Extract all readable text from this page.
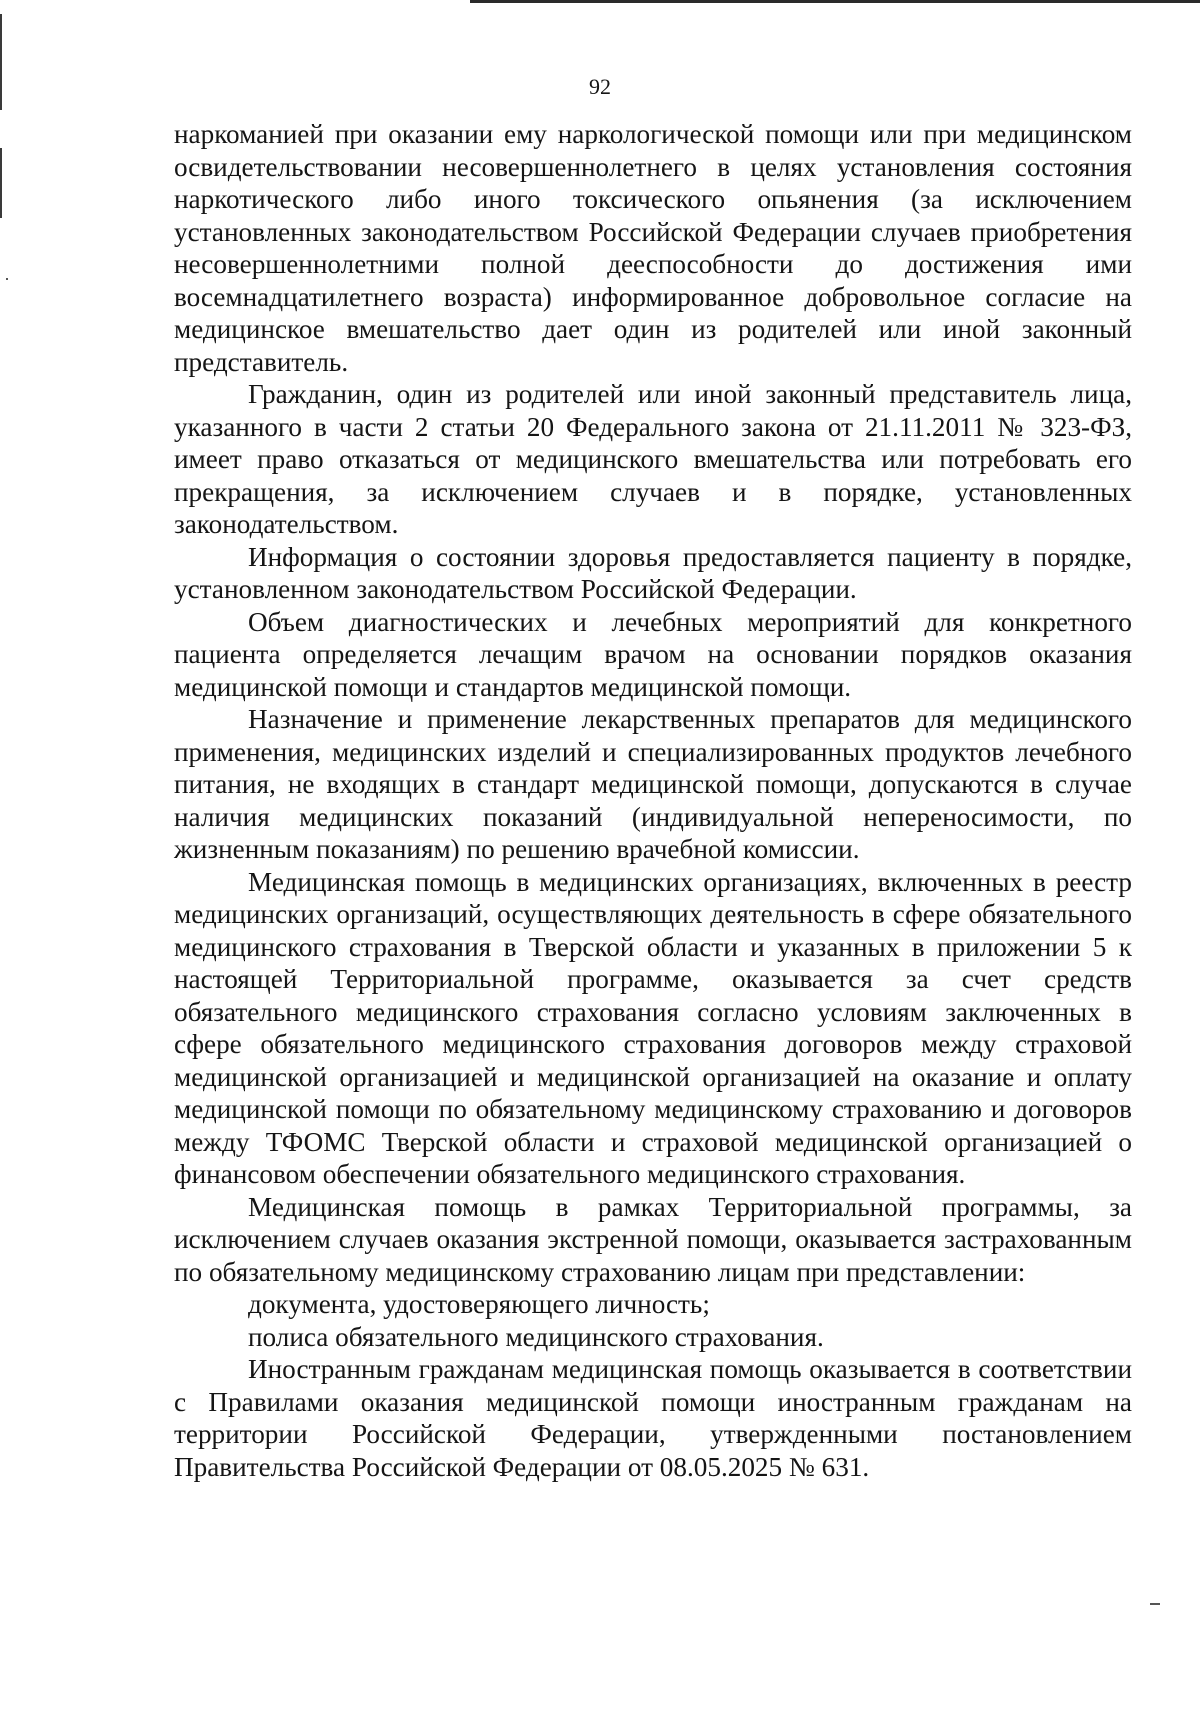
92

наркоманией при оказании ему наркологической помощи или при медицинском освидетельствовании несовершеннолетнего в целях установления состояния наркотического либо иного токсического опьянения (за исключением установленных законодательством Российской Федерации случаев приобретения несовершеннолетними полной дееспособности до достижения ими восемнадцатилетнего возраста) информированное добровольное согласие на медицинское вмешательство дает один из родителей или иной законный представитель.

Гражданин, один из родителей или иной законный представитель лица, указанного в части 2 статьи 20 Федерального закона от 21.11.2011 № 323-ФЗ, имеет право отказаться от медицинского вмешательства или потребовать его прекращения, за исключением случаев и в порядке, установленных законодательством.

Информация о состоянии здоровья предоставляется пациенту в порядке, установленном законодательством Российской Федерации.

Объем диагностических и лечебных мероприятий для конкретного пациента определяется лечащим врачом на основании порядков оказания медицинской помощи и стандартов медицинской помощи.

Назначение и применение лекарственных препаратов для медицинского применения, медицинских изделий и специализированных продуктов лечебного питания, не входящих в стандарт медицинской помощи, допускаются в случае наличия медицинских показаний (индивидуальной непереносимости, по жизненным показаниям) по решению врачебной комиссии.

Медицинская помощь в медицинских организациях, включенных в реестр медицинских организаций, осуществляющих деятельность в сфере обязательного медицинского страхования в Тверской области и указанных в приложении 5 к настоящей Территориальной программе, оказывается за счет средств обязательного медицинского страхования согласно условиям заключенных в сфере обязательного медицинского страхования договоров между страховой медицинской организацией и медицинской организацией на оказание и оплату медицинской помощи по обязательному медицинскому страхованию и договоров между ТФОМС Тверской области и страховой медицинской организацией о финансовом обеспечении обязательного медицинского страхования.

Медицинская помощь в рамках Территориальной программы, за исключением случаев оказания экстренной помощи, оказывается застрахованным по обязательному медицинскому страхованию лицам при представлении:

документа, удостоверяющего личность;

полиса обязательного медицинского страхования.

Иностранным гражданам медицинская помощь оказывается в соответствии с Правилами оказания медицинской помощи иностранным гражданам на территории Российской Федерации, утвержденными постановлением Правительства Российской Федерации от 08.05.2025 № 631.
